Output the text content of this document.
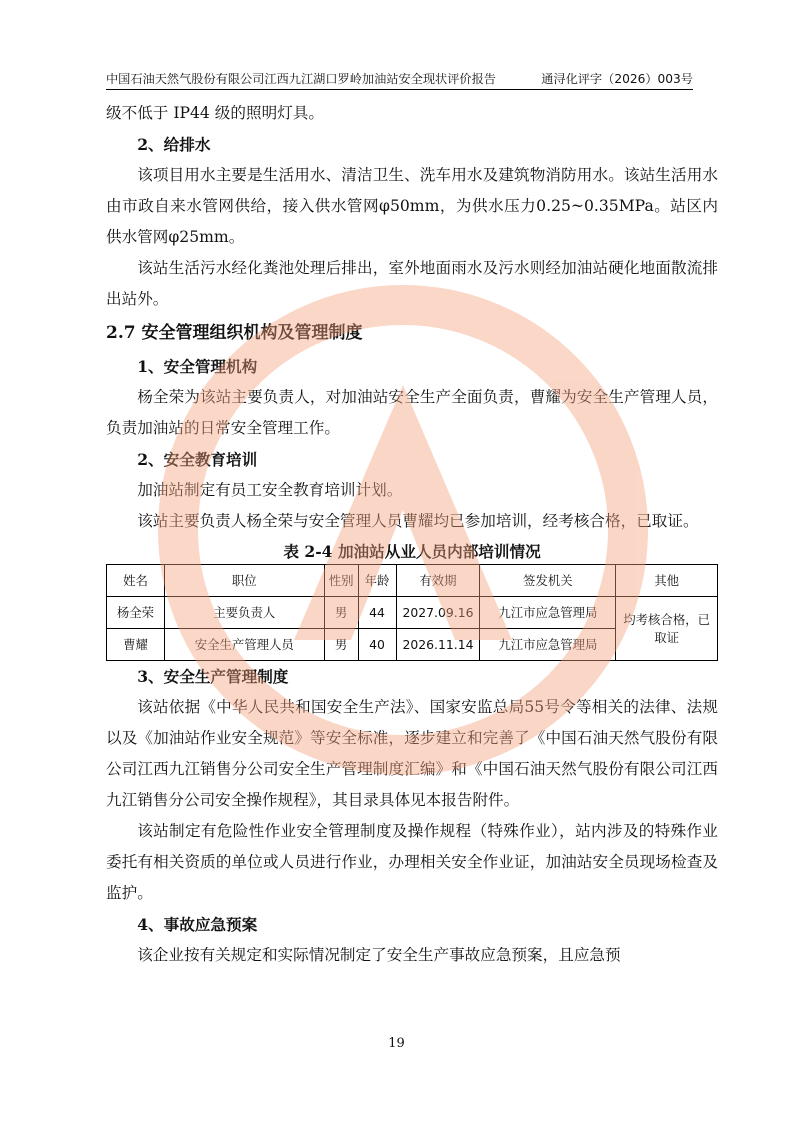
中国石油天然气股份有限公司江西九江湖口罗岭加油站安全现状评价报告	通浔化评字（2026）003号

级不低于 IP44 级的照明灯具。

2、给排水

该项目用水主要是生活用水、清洁卫生、洗车用水及建筑物消防用水。该站生活用水由市政自来水管网供给，接入供水管网φ50mm，为供水压力0.25~0.35MPa。站区内供水管网φ25mm。

该站生活污水经化粪池处理后排出，室外地面雨水及污水则经加油站硬化地面散流排出站外。

2.7 安全管理组织机构及管理制度

1、安全管理机构

杨全荣为该站主要负责人，对加油站安全生产全面负责，曹耀为安全生产管理人员，负责加油站的日常安全管理工作。

2、安全教育培训

加油站制定有员工安全教育培训计划。

该站主要负责人杨全荣与安全管理人员曹耀均已参加培训，经考核合格，已取证。

表 2-4 加油站从业人员内部培训情况
姓名	职位	性别	年龄	有效期	签发机关	其他
杨全荣	主要负责人	男	44	2027.09.16	九江市应急管理局	均考核合格，已取证
曹耀	安全生产管理人员	男	40	2026.11.14	九江市应急管理局	

3、安全生产管理制度

该站依据《中华人民共和国安全生产法》、国家安监总局55号令等相关的法律、法规以及《加油站作业安全规范》等安全标准，逐步建立和完善了《中国石油天然气股份有限公司江西九江销售分公司安全生产管理制度汇编》和《中国石油天然气股份有限公司江西九江销售分公司安全操作规程》，其目录具体见本报告附件。

该站制定有危险性作业安全管理制度及操作规程（特殊作业），站内涉及的特殊作业委托有相关资质的单位或人员进行作业，办理相关安全作业证，加油站安全员现场检查及监护。

4、事故应急预案

该企业按有关规定和实际情况制定了安全生产事故应急预案，且应急预

19
